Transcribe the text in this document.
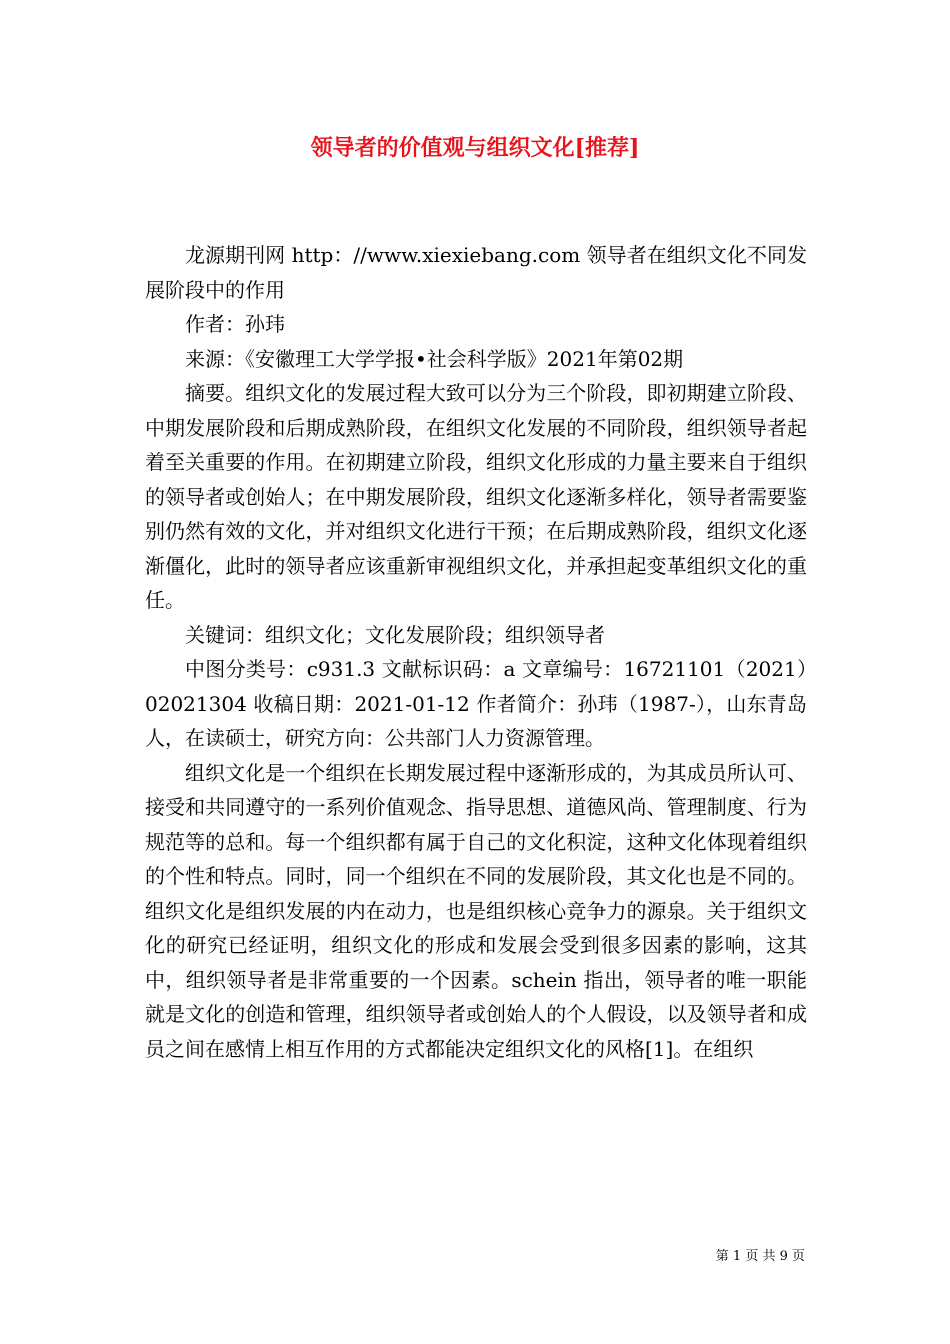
领导者的价值观与组织文化[推荐]

龙源期刊网 http：//www.xiexiebang.com 领导者在组织文化不同发展阶段中的作用

作者：孙玮

来源：《安徽理工大学学报•社会科学版》2021年第02期

摘要。组织文化的发展过程大致可以分为三个阶段，即初期建立阶段、中期发展阶段和后期成熟阶段，在组织文化发展的不同阶段，组织领导者起着至关重要的作用。在初期建立阶段，组织文化形成的力量主要来自于组织的领导者或创始人；在中期发展阶段，组织文化逐渐多样化，领导者需要鉴别仍然有效的文化，并对组织文化进行干预；在后期成熟阶段，组织文化逐渐僵化，此时的领导者应该重新审视组织文化，并承担起变革组织文化的重任。

关键词：组织文化；文化发展阶段；组织领导者

中图分类号：c931.3 文献标识码：a 文章编号：16721101（2021）02021304 收稿日期：2021-01-12 作者简介：孙玮（1987-），山东青岛人，在读硕士，研究方向：公共部门人力资源管理。

组织文化是一个组织在长期发展过程中逐渐形成的，为其成员所认可、接受和共同遵守的一系列价值观念、指导思想、道德风尚、管理制度、行为规范等的总和。每一个组织都有属于自己的文化积淀，这种文化体现着组织的个性和特点。同时，同一个组织在不同的发展阶段，其文化也是不同的。组织文化是组织发展的内在动力，也是组织核心竞争力的源泉。关于组织文化的研究已经证明，组织文化的形成和发展会受到很多因素的影响，这其中，组织领导者是非常重要的一个因素。schein 指出，领导者的唯一职能就是文化的创造和管理，组织领导者或创始人的个人假设，以及领导者和成员之间在感情上相互作用的方式都能决定组织文化的风格[1]。在组织

第 1 页 共 9 页
